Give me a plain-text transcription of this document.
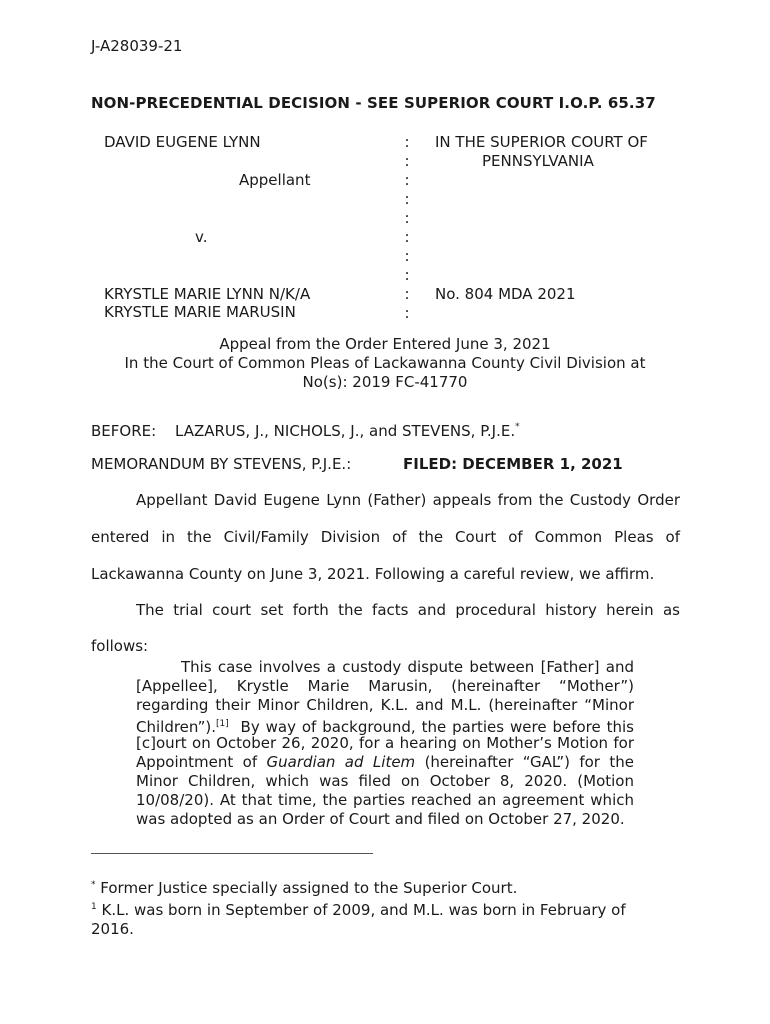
J-A28039-21
NON-PRECEDENTIAL DECISION - SEE SUPERIOR COURT I.O.P. 65.37
DAVID EUGENE LYNN
Appellant
v.
KRYSTLE MARIE LYNN N/K/A
KRYSTLE MARIE MARUSIN
:
:
:
:
:
:
:
:
:
:
IN THE SUPERIOR COURT OF
PENNSYLVANIA
No. 804 MDA 2021
Appeal from the Order Entered June 3, 2021
In the Court of Common Pleas of Lackawanna County Civil Division at
No(s): 2019 FC-41770
BEFORE: LAZARUS, J., NICHOLS, J., and STEVENS, P.J.E.*
MEMORANDUM BY STEVENS, P.J.E.:	FILED: DECEMBER 1, 2021
Appellant David Eugene Lynn (Father) appeals from the Custody Order
entered in the Civil/Family Division of the Court of Common Pleas of
Lackawanna County on June 3, 2021. Following a careful review, we affirm.
The trial court set forth the facts and procedural history herein as
follows:
This case involves a custody dispute between [Father] and
[Appellee], Krystle Marie Marusin, (hereinafter “Mother”)
regarding their Minor Children, K.L. and M.L. (hereinafter “Minor
Children”).[1]  By way of background, the parties were before this
[c]ourt on October 26, 2020, for a hearing on Mother’s Motion for
Appointment of Guardian ad Litem (hereinafter “GAL”) for the
Minor Children, which was filed on October 8, 2020. (Motion
10/08/20). At that time, the parties reached an agreement which
was adopted as an Order of Court and filed on October 27, 2020.
* Former Justice specially assigned to the Superior Court.
$^1$ K.L. was born in September of 2009, and M.L. was born in February of
2016.
